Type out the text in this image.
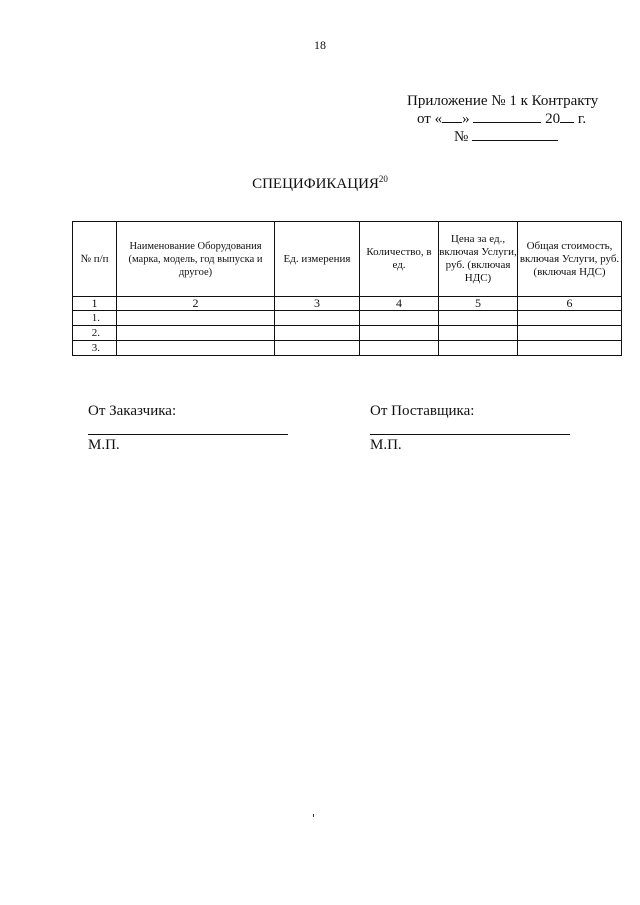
18
Приложение № 1 к Контракту
от « »	20 г.
№
СПЕЦИФИКАЦИЯ$^{20}$
№ п/п	Наименование Оборудования (марка, модель, год выпуска и другое)	Ед. измерения	Количество, в ед.	Цена за ед., включая Услуги, руб. (включая НДС)	Общая стоимость, включая Услуги, руб. (включая НДС)
1	2	3	4	5	6
1.					
2.					
3.					
От Заказчика:
М.П.
От Поставщика:
М.П.
